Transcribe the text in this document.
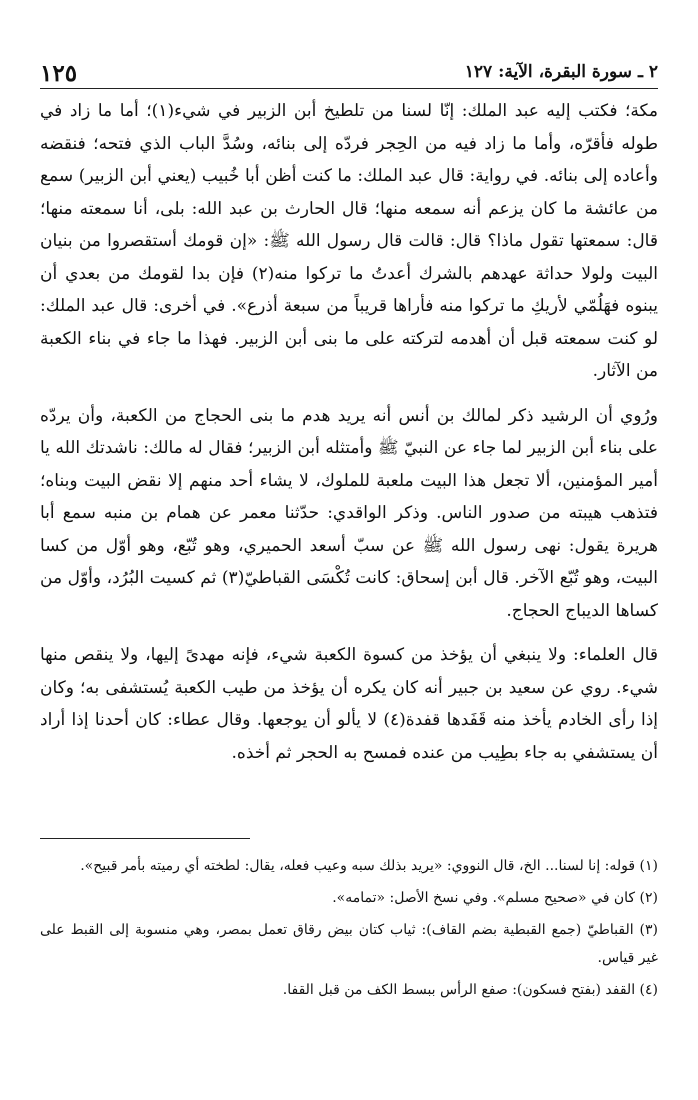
١٢٥	٢ ـ سورة البقرة، الآية: ١٢٧

مكة؛ فكتب إليه عبد الملك: إنّا لسنا من تلطيخ أبن الزبير في شيء(١)؛ أما ما زاد في طوله فأقرّه، وأما ما زاد فيه من الحِجر فردّه إلى بنائه، وسُدَّ الباب الذي فتحه؛ فنقضه وأعاده إلى بنائه. في رواية: قال عبد الملك: ما كنت أظن أبا خُبيب (يعني أبن الزبير) سمع من عائشة ما كان يزعم أنه سمعه منها؛ قال الحارث بن عبد الله: بلى، أنا سمعته منها؛ قال: سمعتها تقول ماذا؟ قال: قالت قال رسول الله ﷺ: «إن قومك أستقصروا من بنيان البيت ولولا حداثة عهدهم بالشرك أعدتُ ما تركوا منه(٢) فإن بدا لقومك من بعدي أن يبنوه فهَلُمّي لأريكِ ما تركوا منه فأراها قريباً من سبعة أذرع». في أخرى: قال عبد الملك: لو كنت سمعته قبل أن أهدمه لتركته على ما بنى أبن الزبير. فهذا ما جاء في بناء الكعبة من الآثار.

ورُوي أن الرشيد ذكر لمالك بن أنس أنه يريد هدم ما بنى الحجاج من الكعبة، وأن يردّه على بناء أبن الزبير لما جاء عن النبيّ ﷺ وأمتثله أبن الزبير؛ فقال له مالك: ناشدتك الله يا أمير المؤمنين، ألا تجعل هذا البيت ملعبة للملوك، لا يشاء أحد منهم إلا نقض البيت وبناه؛ فتذهب هيبته من صدور الناس. وذكر الواقدي: حدّثنا معمر عن همام بن منبه سمع أبا هريرة يقول: نهى رسول الله ﷺ عن سبّ أسعد الحميري، وهو تُبّع، وهو أوّل من كسا البيت، وهو تُبّع الآخر. قال أبن إسحاق: كانت تُكْسَى القباطيّ(٣) ثم كسيت البُرُد، وأوّل من كساها الديباج الحجاج.

قال العلماء: ولا ينبغي أن يؤخذ من كسوة الكعبة شيء، فإنه مهدىً إليها، ولا ينقص منها شيء. روي عن سعيد بن جبير أنه كان يكره أن يؤخذ من طيب الكعبة يُستشفى به؛ وكان إذا رأى الخادم يأخذ منه قَفَدها قفدة(٤) لا يألو أن يوجعها. وقال عطاء: كان أحدنا إذا أراد أن يستشفي به جاء بطِيب من عنده فمسح به الحجر ثم أخذه.

(١) قوله: إنا لسنا... الخ، قال النووي: «يريد بذلك سبه وعيب فعله، يقال: لطخته أي رميته بأمر قبيح».

(٢) كان في «صحيح مسلم». وفي نسخ الأصل: «تمامه».

(٣) القباطيّ (جمع القبطية بضم القاف): ثياب كتان بيض رقاق تعمل بمصر، وهي منسوبة إلى القبط على غير قياس.

(٤) القفد (بفتح فسكون): صفع الرأس ببسط الكف من قبل القفا.
